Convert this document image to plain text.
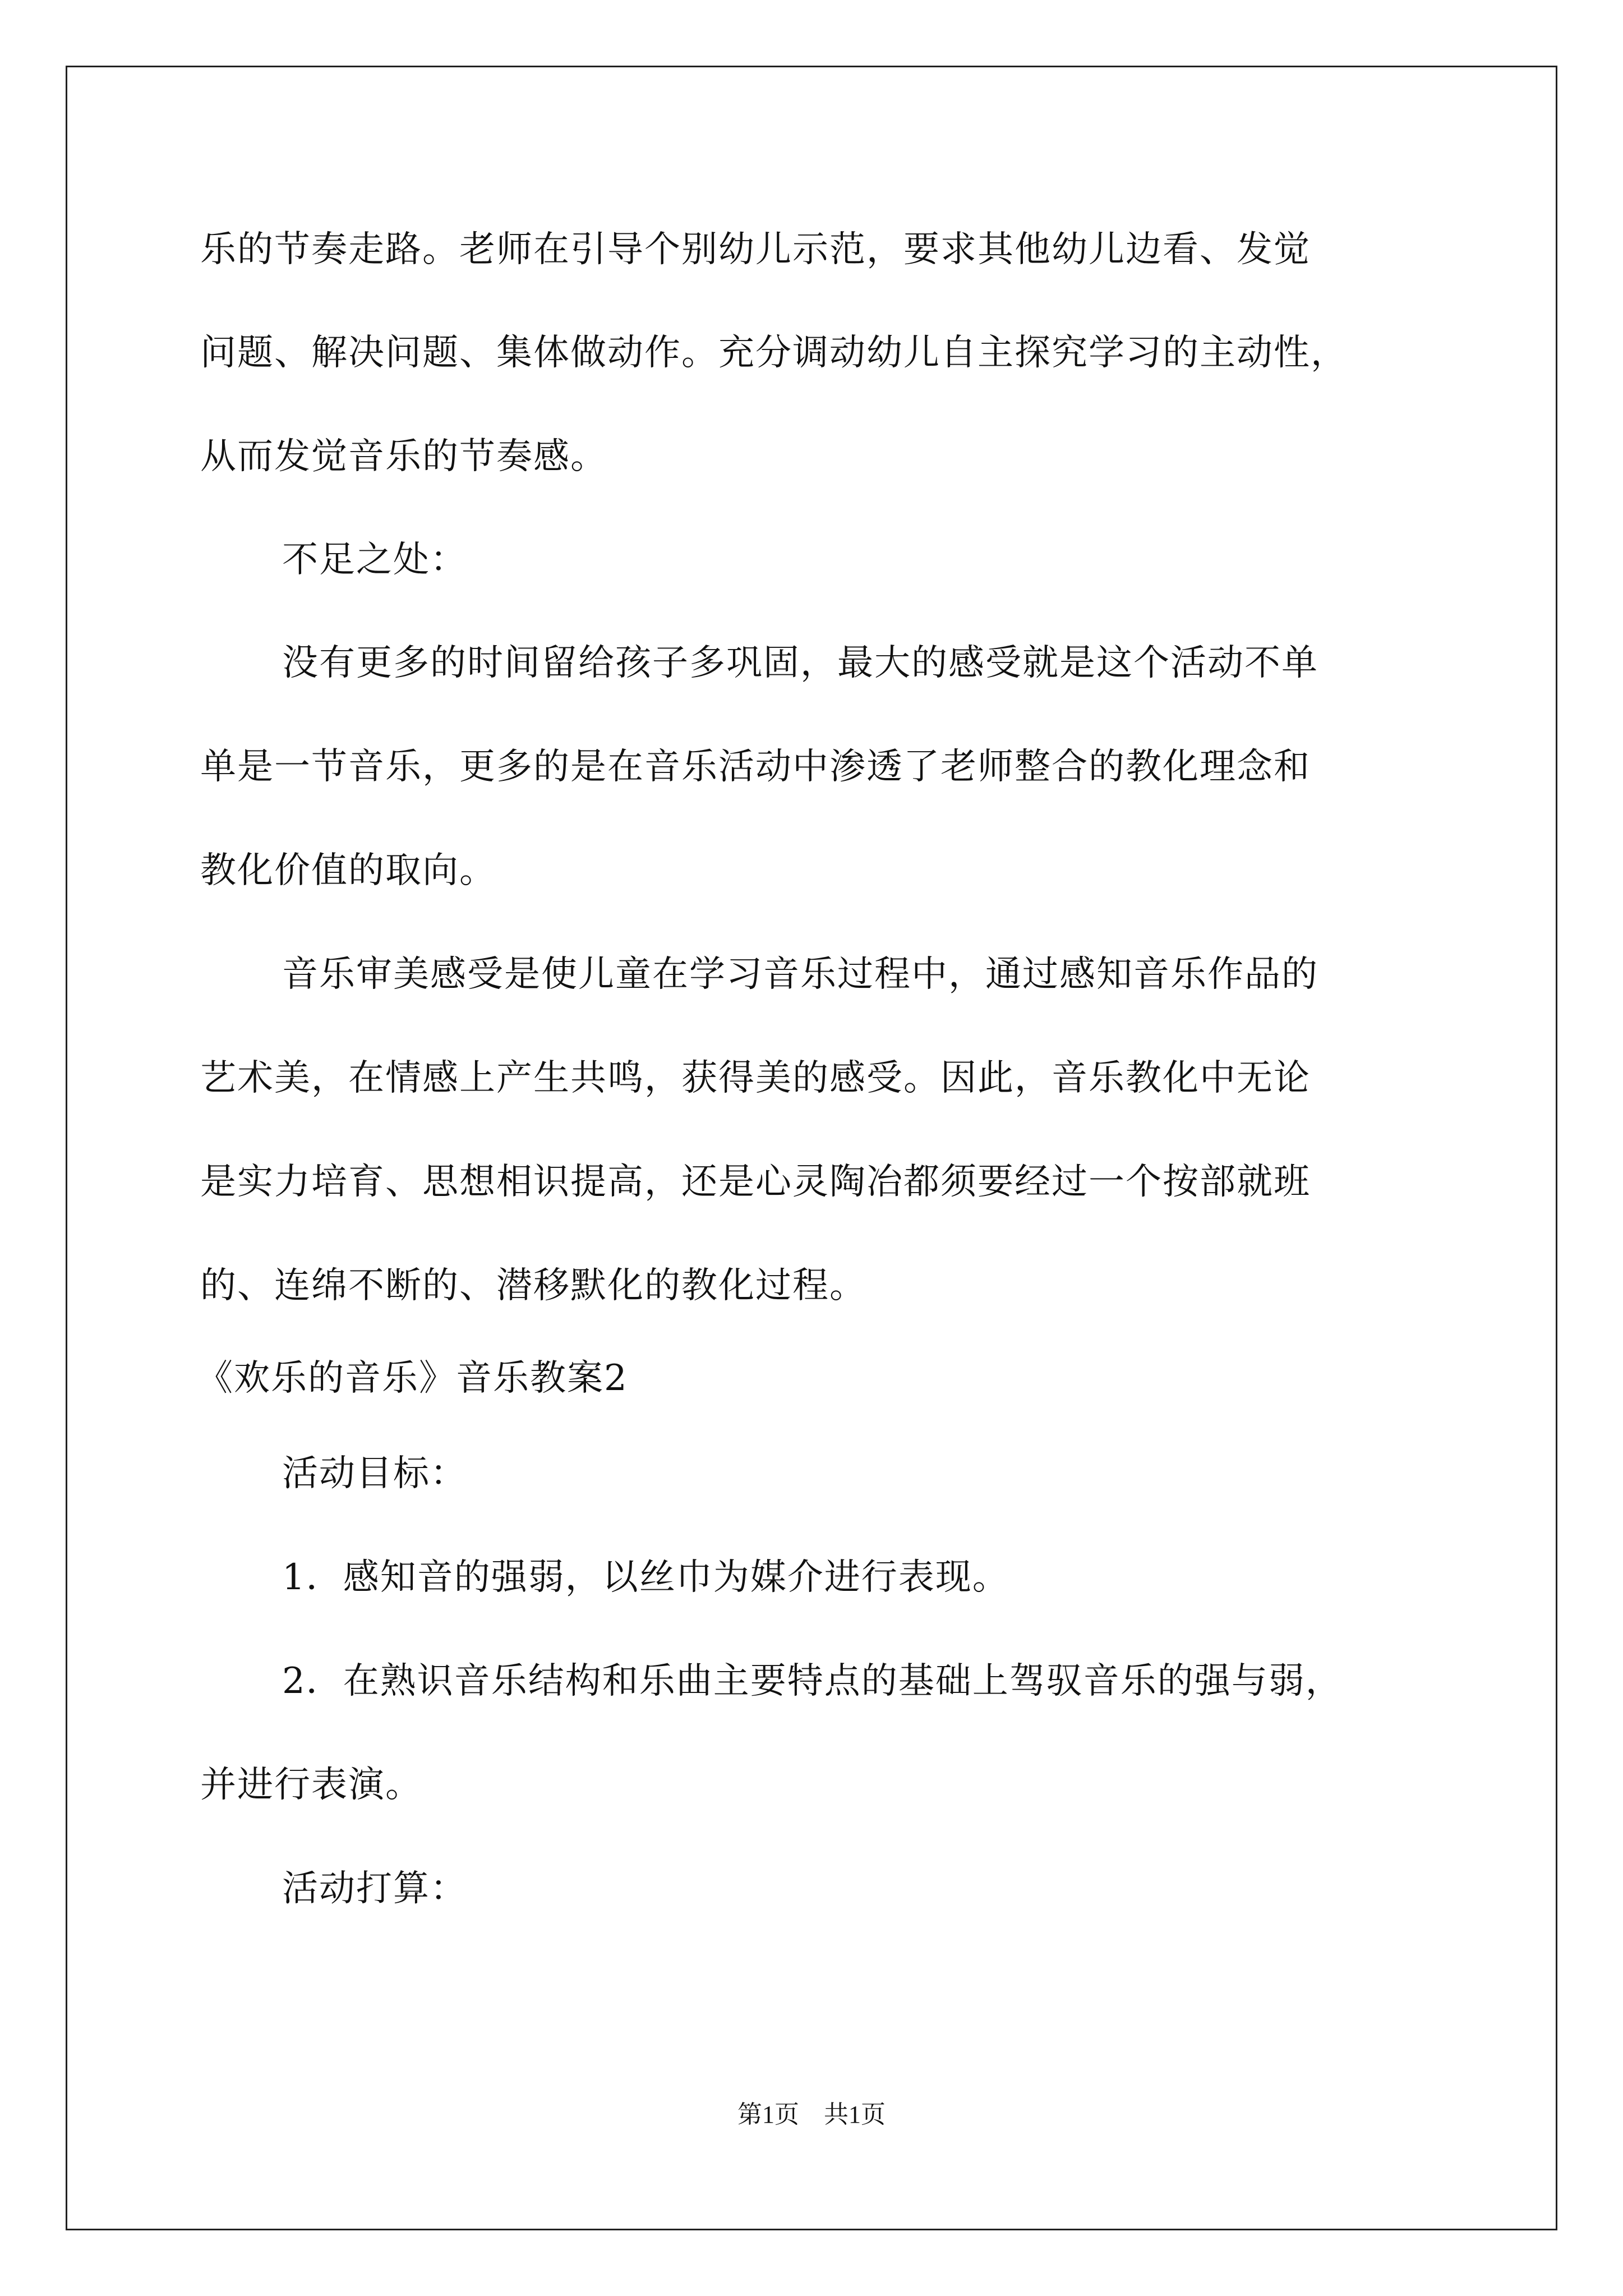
乐的节奏走路。老师在引导个别幼儿示范，要求其他幼儿边看、发觉
问题、解决问题、集体做动作。充分调动幼儿自主探究学习的主动性，
从而发觉音乐的节奏感。
不足之处：
没有更多的时间留给孩子多巩固，最大的感受就是这个活动不单
单是一节音乐，更多的是在音乐活动中渗透了老师整合的教化理念和
教化价值的取向。
音乐审美感受是使儿童在学习音乐过程中，通过感知音乐作品的
艺术美，在情感上产生共鸣，获得美的感受。因此，音乐教化中无论
是实力培育、思想相识提高，还是心灵陶冶都须要经过一个按部就班
的、连绵不断的、潜移默化的教化过程。
《欢乐的音乐》音乐教案2
活动目标：
1．感知音的强弱，以丝巾为媒介进行表现。
2．在熟识音乐结构和乐曲主要特点的基础上驾驭音乐的强与弱，
并进行表演。
活动打算：
第1页　共1页
